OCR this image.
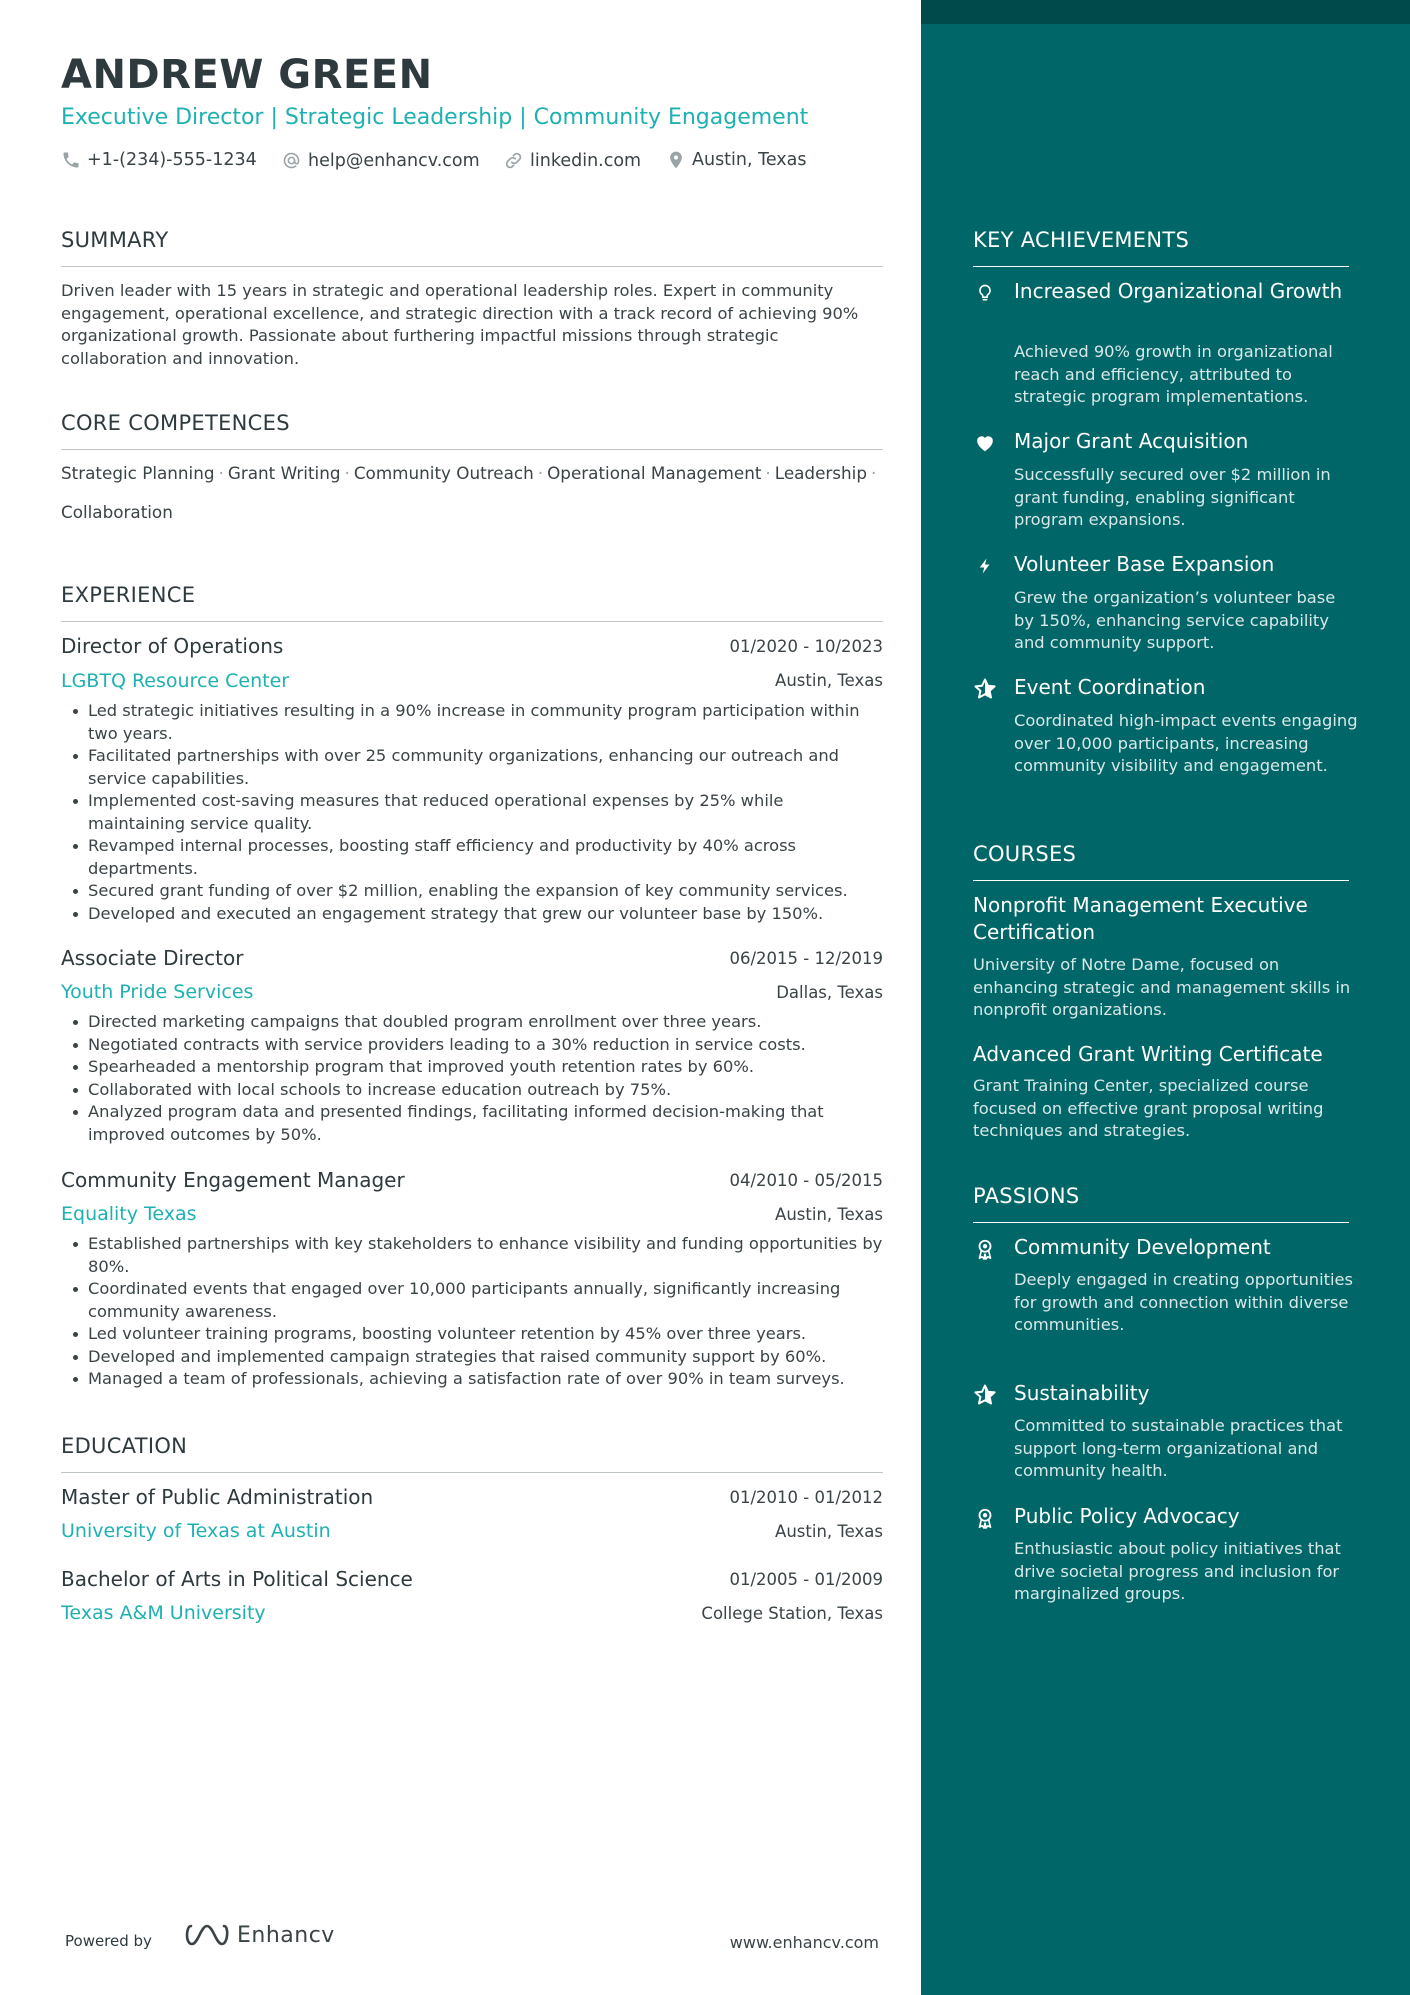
ANDREW GREEN
Executive Director | Strategic Leadership | Community Engagement
+1-(234)-555-1234	help@enhancv.com	linkedin.com	Austin, Texas
SUMMARY
Driven leader with 15 years in strategic and operational leadership roles. Expert in community engagement, operational excellence, and strategic direction with a track record of achieving 90% organizational growth. Passionate about furthering impactful missions through strategic collaboration and innovation.
CORE COMPETENCES
Strategic Planning · Grant Writing · Community Outreach · Operational Management · Leadership ·
Collaboration
EXPERIENCE
Director of Operations	01/2020 - 10/2023
LGBTQ Resource Center	Austin, Texas
Led strategic initiatives resulting in a 90% increase in community program participation within two years.
Facilitated partnerships with over 25 community organizations, enhancing our outreach and service capabilities.
Implemented cost-saving measures that reduced operational expenses by 25% while maintaining service quality.
Revamped internal processes, boosting staff efficiency and productivity by 40% across departments.
Secured grant funding of over $2 million, enabling the expansion of key community services.
Developed and executed an engagement strategy that grew our volunteer base by 150%.
Associate Director	06/2015 - 12/2019
Youth Pride Services	Dallas, Texas
Directed marketing campaigns that doubled program enrollment over three years.
Negotiated contracts with service providers leading to a 30% reduction in service costs.
Spearheaded a mentorship program that improved youth retention rates by 60%.
Collaborated with local schools to increase education outreach by 75%.
Analyzed program data and presented findings, facilitating informed decision-making that improved outcomes by 50%.
Community Engagement Manager	04/2010 - 05/2015
Equality Texas	Austin, Texas
Established partnerships with key stakeholders to enhance visibility and funding opportunities by 80%.
Coordinated events that engaged over 10,000 participants annually, significantly increasing community awareness.
Led volunteer training programs, boosting volunteer retention by 45% over three years.
Developed and implemented campaign strategies that raised community support by 60%.
Managed a team of professionals, achieving a satisfaction rate of over 90% in team surveys.
EDUCATION
Master of Public Administration	01/2010 - 01/2012
University of Texas at Austin	Austin, Texas
Bachelor of Arts in Political Science	01/2005 - 01/2009
Texas A&M University	College Station, Texas
Powered by	Enhancv	www.enhancv.com
KEY ACHIEVEMENTS
Increased Organizational Growth
Achieved 90% growth in organizational reach and efficiency, attributed to strategic program implementations.
Major Grant Acquisition
Successfully secured over $2 million in grant funding, enabling significant program expansions.
Volunteer Base Expansion
Grew the organization’s volunteer base by 150%, enhancing service capability and community support.
Event Coordination
Coordinated high-impact events engaging over 10,000 participants, increasing community visibility and engagement.
COURSES
Nonprofit Management Executive Certification
University of Notre Dame, focused on enhancing strategic and management skills in nonprofit organizations.
Advanced Grant Writing Certificate
Grant Training Center, specialized course focused on effective grant proposal writing techniques and strategies.
PASSIONS
Community Development
Deeply engaged in creating opportunities for growth and connection within diverse communities.
Sustainability
Committed to sustainable practices that support long-term organizational and community health.
Public Policy Advocacy
Enthusiastic about policy initiatives that drive societal progress and inclusion for marginalized groups.
